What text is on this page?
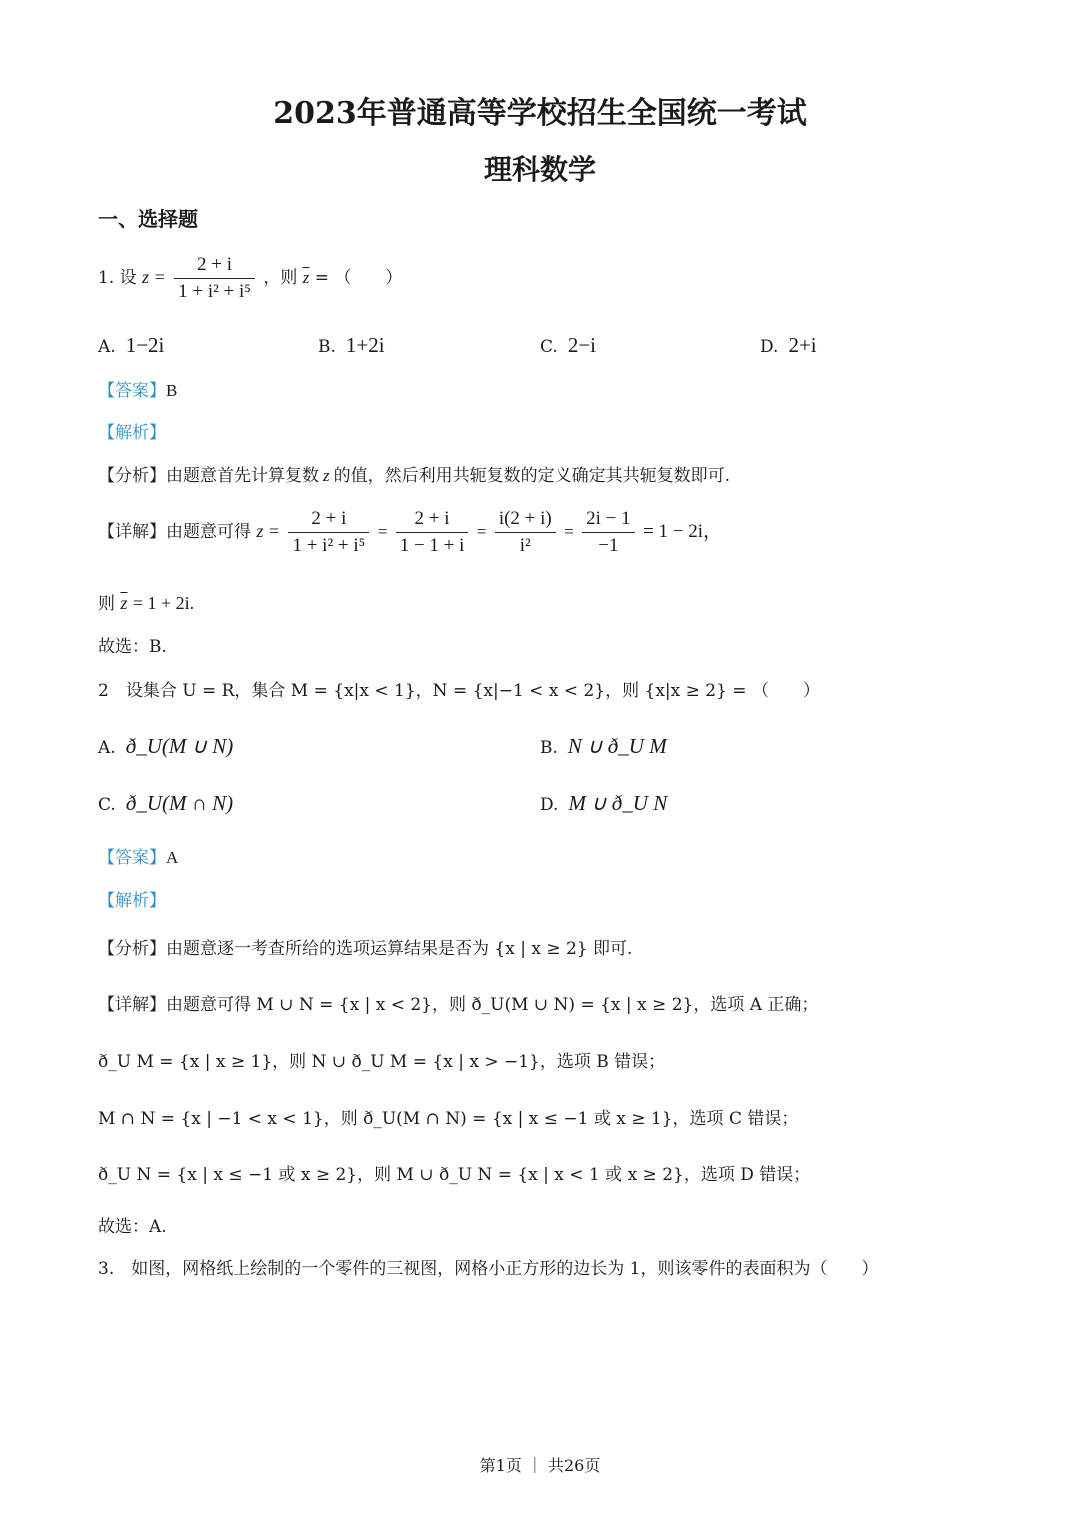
2023年普通高等学校招生全国统一考试
理科数学
一、选择题
1. 设 $z = \frac{2 + i}{\text{1 + i² + i⁵}}$ ，则 $\overline{z}$ = （　　）
A. 1−2i	B. 1+2i	C. 2−i	D. 2+i
【答案】B
【解析】
【分析】由题意首先计算复数 z 的值，然后利用共轭复数的定义确定其共轭复数即可.
【详解】由题意可得 $z = \frac{2 + i}{\text{1 + i² + i⁵}} = \frac{2 + i}{1 - 1 + i} = \frac{i(2 + i)}{\text{i²}} = \frac{2i - 1}{-1} = 1 - 2i$，
则 $\overline{z} = 1 + 2i$.
故选：B.
2　设集合 U = R，集合 M = {x|x < 1}，N = {x|−1 < x < 2}，则 {x|x ≥ 2} = （　　）
A. ð_U(M ∪ N)	B. N ∪ ð_U M
C. ð_U(M ∩ N)	D. M ∪ ð_U N
【答案】A
【解析】
【分析】由题意逐一考查所给的选项运算结果是否为 {x | x ≥ 2} 即可.
【详解】由题意可得 M ∪ N = {x | x < 2}，则 ð_U(M ∪ N) = {x | x ≥ 2}，选项 A 正确；
ð_U M = {x | x ≥ 1}，则 N ∪ ð_U M = {x | x > −1}，选项 B 错误；
M ∩ N = {x | −1 < x < 1}，则 ð_U(M ∩ N) = {x | x ≤ −1 或 x ≥ 1}，选项 C 错误；
ð_U N = {x | x ≤ −1 或 x ≥ 2}，则 M ∪ ð_U N = {x | x < 1 或 x ≥ 2}，选项 D 错误；
故选：A.
3.　如图，网格纸上绘制的一个零件的三视图，网格小正方形的边长为 1，则该零件的表面积为（　　）
第1页 ｜ 共26页
